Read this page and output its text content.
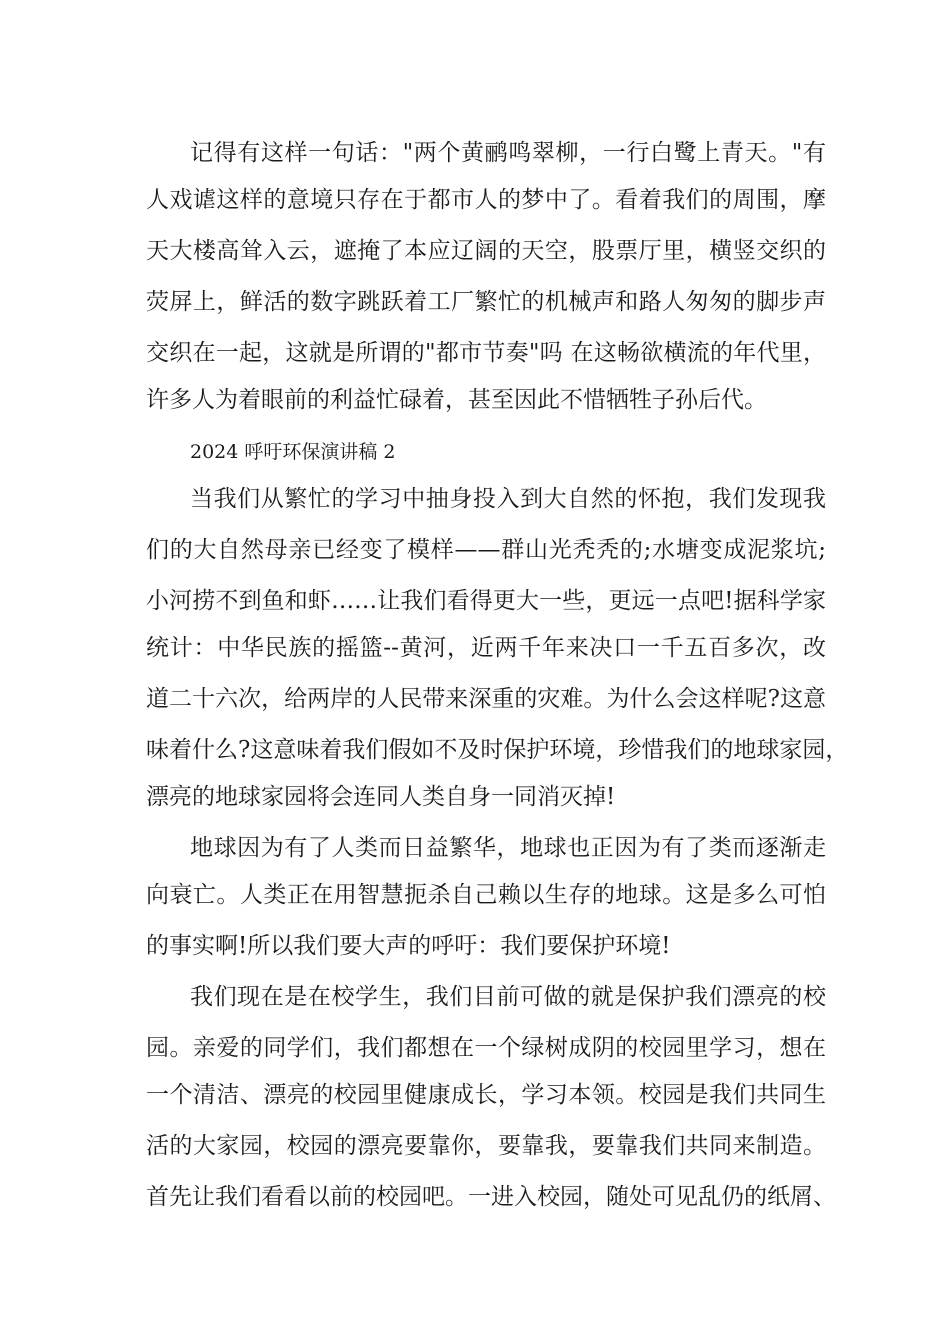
记得有这样一句话："两个黄鹂鸣翠柳，一行白鹭上青天。"有

人戏谑这样的意境只存在于都市人的梦中了。看着我们的周围，摩

天大楼高耸入云，遮掩了本应辽阔的天空，股票厅里，横竖交织的

荧屏上，鲜活的数字跳跃着工厂繁忙的机械声和路人匆匆的脚步声

交织在一起，这就是所谓的"都市节奏"吗 在这畅欲横流的年代里，

许多人为着眼前的利益忙碌着，甚至因此不惜牺牲子孙后代。

2024 呼吁环保演讲稿 2

当我们从繁忙的学习中抽身投入到大自然的怀抱，我们发现我

们的大自然母亲已经变了模样——群山光秃秃的;水塘变成泥浆坑;

小河捞不到鱼和虾……让我们看得更大一些，更远一点吧!据科学家

统计：中华民族的摇篮--黄河，近两千年来决口一千五百多次，改

道二十六次，给两岸的人民带来深重的灾难。为什么会这样呢?这意

味着什么?这意味着我们假如不及时保护环境，珍惜我们的地球家园，

漂亮的地球家园将会连同人类自身一同消灭掉!

地球因为有了人类而日益繁华，地球也正因为有了类而逐渐走

向衰亡。人类正在用智慧扼杀自己赖以生存的地球。这是多么可怕

的事实啊!所以我们要大声的呼吁：我们要保护环境!

我们现在是在校学生，我们目前可做的就是保护我们漂亮的校

园。亲爱的同学们，我们都想在一个绿树成阴的校园里学习，想在

一个清洁、漂亮的校园里健康成长，学习本领。校园是我们共同生

活的大家园，校园的漂亮要靠你，要靠我，要靠我们共同来制造。

首先让我们看看以前的校园吧。一进入校园，随处可见乱仍的纸屑、
